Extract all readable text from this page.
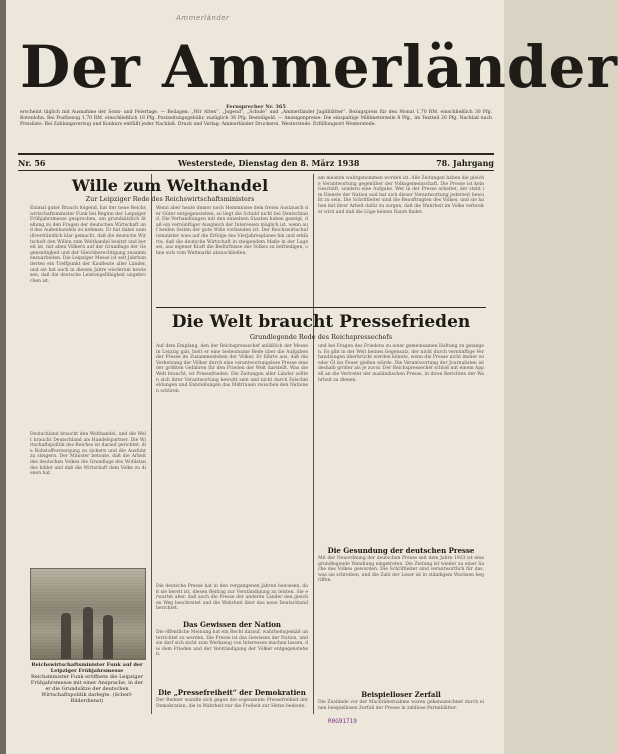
Ammerländer
Der Ammerländer
Fernsprecher Nr. 365
erscheint täglich mit Ausnahme der Sonn- und Feiertage. — Beilagen: „Wir Alten“, „Jugend“, „Schule“ und „Ammerländer Jagdblätter“. Bezugspreis für den Monat 1,70 RM. einschließlich 30 Pfg. Botenlohn. Bei Postbezug 1,70 RM. einschließlich 18 Pfg. Postzeitungsgebühr, zuzüglich 36 Pfg. Bestellgeld. — Anzeigenpreise: Die einspaltige Millimeterzeile 8 Pfg., im Textteil 20 Pfg. Nachlaß nach Preisliste. Bei Zahlungsverzug und Konkurs entfällt jeder Nachlaß. Druck und Verlag: Ammerländer Druckerei, Westerstede. Erfüllungsort Westerstede.
Nr. 56	Westerstede, Dienstag den 8. März 1938	78. Jahrgang
Wille zum Welthandel
Zur Leipziger Rede des Reichswirtschaftsministers
Einmal guter Brauch folgend, hat der neue Reichswirtschaftsminister Funk bei Beginn der Leipziger Frühjahrsmesse gesprochen, um grundsätzlich Stellung zu den Fragen der deutschen Wirtschaft und des Außenhandels zu nehmen. Er hat dabei unmißverständlich klar gemacht, daß die deutsche Wirtschaft den Willen zum Welthandel besitzt und bereit ist, mit allen Völkern auf der Grundlage der Gegenseitigkeit und der Gleichberechtigung zusammenzuarbeiten. Die Leipziger Messe ist seit Jahrhunderten ein Treffpunkt der Kaufleute aller Länder, und sie hat auch in diesem Jahre wiederum bewiesen, daß die deutsche Leistungsfähigkeit ungebrochen ist.
Deutschland braucht den Welthandel, und die Welt braucht Deutschland als Handelspartner. Die Wirtschaftspolitik des Reiches ist darauf gerichtet, die Rohstoffversorgung zu sichern und die Ausfuhr zu steigern. Der Minister betonte, daß die Arbeit des deutschen Volkes die Grundlage des Wohlstandes bildet und daß die Wirtschaft dem Volke zu dienen hat.
Wenn aber heute immer noch Hemmnisse dem freien Austausch der Güter entgegenstehen, so liegt die Schuld nicht bei Deutschland. Die Verhandlungen mit den einzelnen Staaten haben gezeigt, daß ein vernünftiger Ausgleich der Interessen möglich ist, wenn auf beiden Seiten der gute Wille vorhanden ist. Der Reichswirtschaftsminister wies auf die Erfolge des Vierjahresplanes hin und erklärte, daß die deutsche Wirtschaft in steigendem Maße in der Lage sei, aus eigener Kraft die Bedürfnisse des Volkes zu befriedigen, ohne sich vom Weltmarkt abzuschließen.
am meisten wahrgenommen worden ist. Alle Zeitungen haben die gleiche Verantwortung gegenüber der Volksgemeinschaft. Die Presse ist kein Geschäft, sondern eine Aufgabe. Wer in der Presse arbeitet, der steht im Dienste der Nation und hat sich dieser Verantwortung jederzeit bewußt zu sein. Die Schriftleiter sind die Beauftragten des Volkes, und sie haben mit ihrer Arbeit dafür zu sorgen, daß die Wahrheit im Volke verbreitet wird und daß die Lüge keinen Raum findet.
Die Welt braucht Pressefrieden
Grundlegende Rede des Reichspressechefs
Auf dem Empfang, den der Reichspressechef anläßlich der Messe in Leipzig gab, hielt er eine bedeutsame Rede über die Aufgaben der Presse im Zusammenleben der Völker. Er führte aus, daß die Verhetzung der Völker durch eine verantwortungslose Presse eine der größten Gefahren für den Frieden der Welt darstellt. Was die Welt braucht, ist Pressefrieden. Die Zeitungen aller Länder sollten sich ihrer Verantwortung bewußt sein und nicht durch Falschmeldungen und Entstellungen das Mißtrauen zwischen den Nationen schüren.
Die deutsche Presse hat in den vergangenen Jahren bewiesen, daß sie bereit ist, diesen Beitrag zur Verständigung zu leisten. Sie erwartet aber, daß auch die Presse der anderen Länder den gleichen Weg beschreitet und die Wahrheit über das neue Deutschland berichtet.
Das Gewissen der Nation
Die öffentliche Meinung hat ein Recht darauf, wahrheitsgemäß unterrichtet zu werden. Die Presse ist das Gewissen der Nation, und sie darf sich nicht zum Werkzeug von Interessen machen lassen, die dem Frieden und der Verständigung der Völker entgegenstehen.
Die „Pressefreiheit“ der Demokratien
Der Redner wandte sich gegen die sogenannte Pressefreiheit der Demokratien, die in Wahrheit nur die Freiheit zur Hetze bedeute.
und bei Fragen des Friedens zu einer gemeinsamen Haltung zu gelangen. Es gibt in der Welt keinen Gegensatz, der nicht durch vernünftige Verhandlungen überbrückt werden könnte, wenn die Presse nicht immer wieder Öl ins Feuer gießen würde. Die Verantwortung der Journalisten ist deshalb größer als je zuvor. Der Reichspressechef schloß mit einem Appell an die Vertreter der ausländischen Presse, in ihren Berichten der Wahrheit zu dienen.
Die Gesundung der deutschen Presse
Mit der Neuordnung der deutschen Presse seit dem Jahre 1933 ist eine grundlegende Wandlung eingetreten. Die Zeitung ist wieder zu einer Sache des Volkes geworden. Die Schriftleiter sind verantwortlich für das, was sie schreiben, und die Zahl der Leser ist in ständigem Wachsen begriffen.
Beispielloser Zerfall
Die Zustände vor der Machtübernahme waren gekennzeichnet durch einen beispiellosen Zerfall der Presse in zahllose Parteiblätter.
Reichswirtschaftsminister Funk auf der Leipziger Frühjahrsmesse
Reichsminister Funk eröffnete die Leipziger Frühjahrsmesse mit einer Ansprache, in der er die Grundsätze der deutschen Wirtschaftspolitik darlegte. (Scherl-Bilderdienst)
R0G91719
